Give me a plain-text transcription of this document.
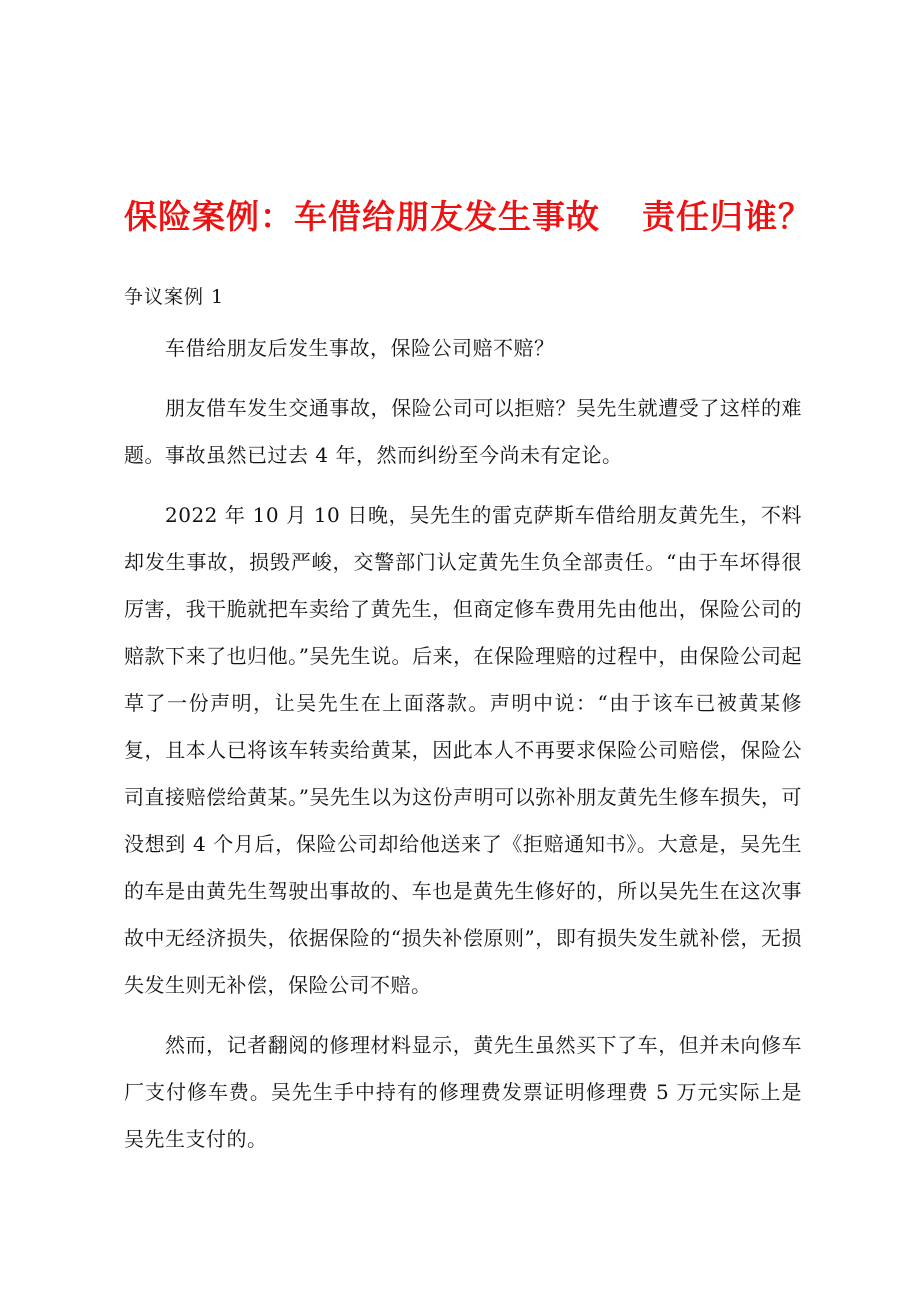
保险案例：车借给朋友发生事故 责任归谁？

争议案例 1

车借给朋友后发生事故，保险公司赔不赔？

朋友借车发生交通事故，保险公司可以拒赔？吴先生就遭受了这样的难题。事故虽然已过去 4 年，然而纠纷至今尚未有定论。

2022 年 10 月 10 日晚，吴先生的雷克萨斯车借给朋友黄先生，不料却发生事故，损毁严峻，交警部门认定黄先生负全部责任。“由于车坏得很厉害，我干脆就把车卖给了黄先生，但商定修车费用先由他出，保险公司的赔款下来了也归他。”吴先生说。后来，在保险理赔的过程中，由保险公司起草了一份声明，让吴先生在上面落款。声明中说：“由于该车已被黄某修复，且本人已将该车转卖给黄某，因此本人不再要求保险公司赔偿，保险公司直接赔偿给黄某。”吴先生以为这份声明可以弥补朋友黄先生修车损失，可没想到 4 个月后，保险公司却给他送来了《拒赔通知书》。大意是，吴先生的车是由黄先生驾驶出事故的、车也是黄先生修好的，所以吴先生在这次事故中无经济损失，依据保险的“损失补偿原则”，即有损失发生就补偿，无损失发生则无补偿，保险公司不赔。

然而，记者翻阅的修理材料显示，黄先生虽然买下了车，但并未向修车厂支付修车费。吴先生手中持有的修理费发票证明修理费 5 万元实际上是吴先生支付的。
